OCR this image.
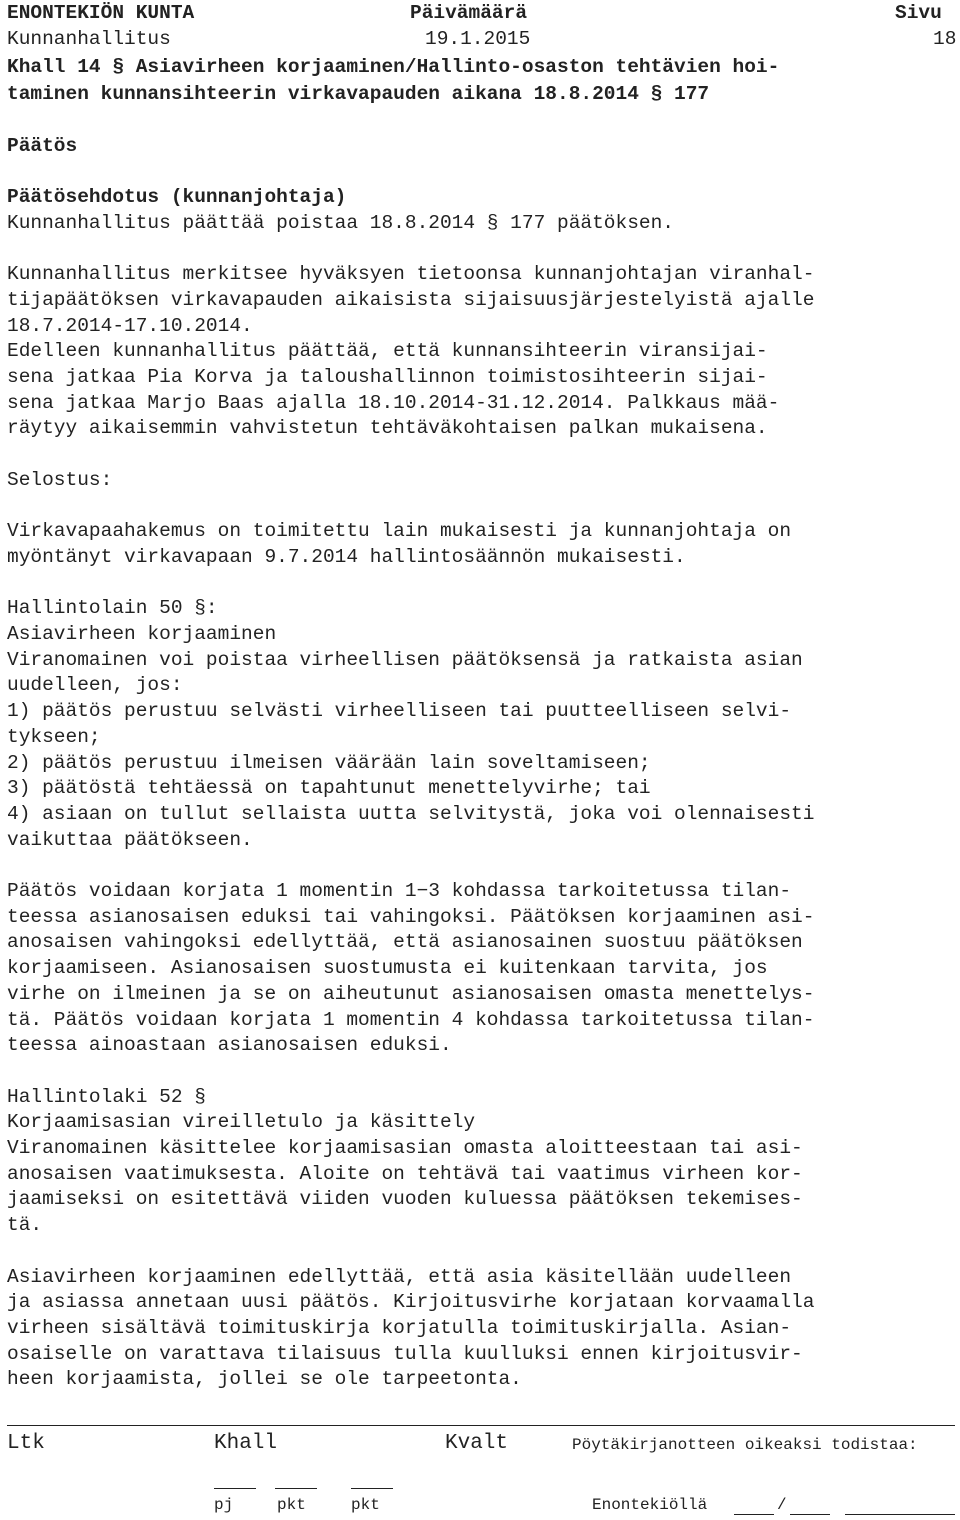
ENONTEKIÖN KUNTA	Päivämäärä	Sivu
Kunnanhallitus	19.1.2015	18

Khall 14 § Asiavirheen korjaaminen/Hallinto-osaston tehtävien hoi-

taminen kunnansihteerin virkavapauden aikana 18.8.2014 § 177

Päätös

Päätösehdotus (kunnanjohtaja)

Kunnanhallitus päättää poistaa 18.8.2014 § 177 päätöksen.

Kunnanhallitus merkitsee hyväksyen tietoonsa kunnanjohtajan viranhal-

tijapäätöksen virkavapauden aikaisista sijaisuusjärjestelyistä ajalle

18.7.2014-17.10.2014.

Edelleen kunnanhallitus päättää, että kunnansihteerin viransijai-

sena jatkaa Pia Korva ja taloushallinnon toimistosihteerin sijai-

sena jatkaa Marjo Baas ajalla 18.10.2014-31.12.2014. Palkkaus mää-

räytyy aikaisemmin vahvistetun tehtäväkohtaisen palkan mukaisena.

Selostus:

Virkavapaahakemus on toimitettu lain mukaisesti ja kunnanjohtaja on

myöntänyt virkavapaan 9.7.2014 hallintosäännön mukaisesti.

Hallintolain 50 §:

Asiavirheen korjaaminen

Viranomainen voi poistaa virheellisen päätöksensä ja ratkaista asian

uudelleen, jos:

1) päätös perustuu selvästi virheelliseen tai puutteelliseen selvi-

tykseen;

2) päätös perustuu ilmeisen väärään lain soveltamiseen;

3) päätöstä tehtäessä on tapahtunut menettelyvirhe; tai

4) asiaan on tullut sellaista uutta selvitystä, joka voi olennaisesti

vaikuttaa päätökseen.

Päätös voidaan korjata 1 momentin 1−3 kohdassa tarkoitetussa tilan-

teessa asianosaisen eduksi tai vahingoksi. Päätöksen korjaaminen asi-

anosaisen vahingoksi edellyttää, että asianosainen suostuu päätöksen

korjaamiseen. Asianosaisen suostumusta ei kuitenkaan tarvita, jos

virhe on ilmeinen ja se on aiheutunut asianosaisen omasta menettelys-

tä. Päätös voidaan korjata 1 momentin 4 kohdassa tarkoitetussa tilan-

teessa ainoastaan asianosaisen eduksi.

Hallintolaki 52 §

Korjaamisasian vireilletulo ja käsittely

Viranomainen käsittelee korjaamisasian omasta aloitteestaan tai asi-

anosaisen vaatimuksesta. Aloite on tehtävä tai vaatimus virheen kor-

jaamiseksi on esitettävä viiden vuoden kuluessa päätöksen tekemises-

tä.

Asiavirheen korjaaminen edellyttää, että asia käsitellään uudelleen

ja asiassa annetaan uusi päätös. Kirjoitusvirhe korjataan korvaamalla

virheen sisältävä toimituskirja korjatulla toimituskirjalla. Asian-

osaiselle on varattava tilaisuus tulla kuulluksi ennen kirjoitusvir-

heen korjaamista, jollei se ole tarpeetonta.

Ltk	Khall	Kvalt	Pöytäkirjanotteen oikeaksi todistaa:
pj	pkt	pkt	Enontekiöllä	/
